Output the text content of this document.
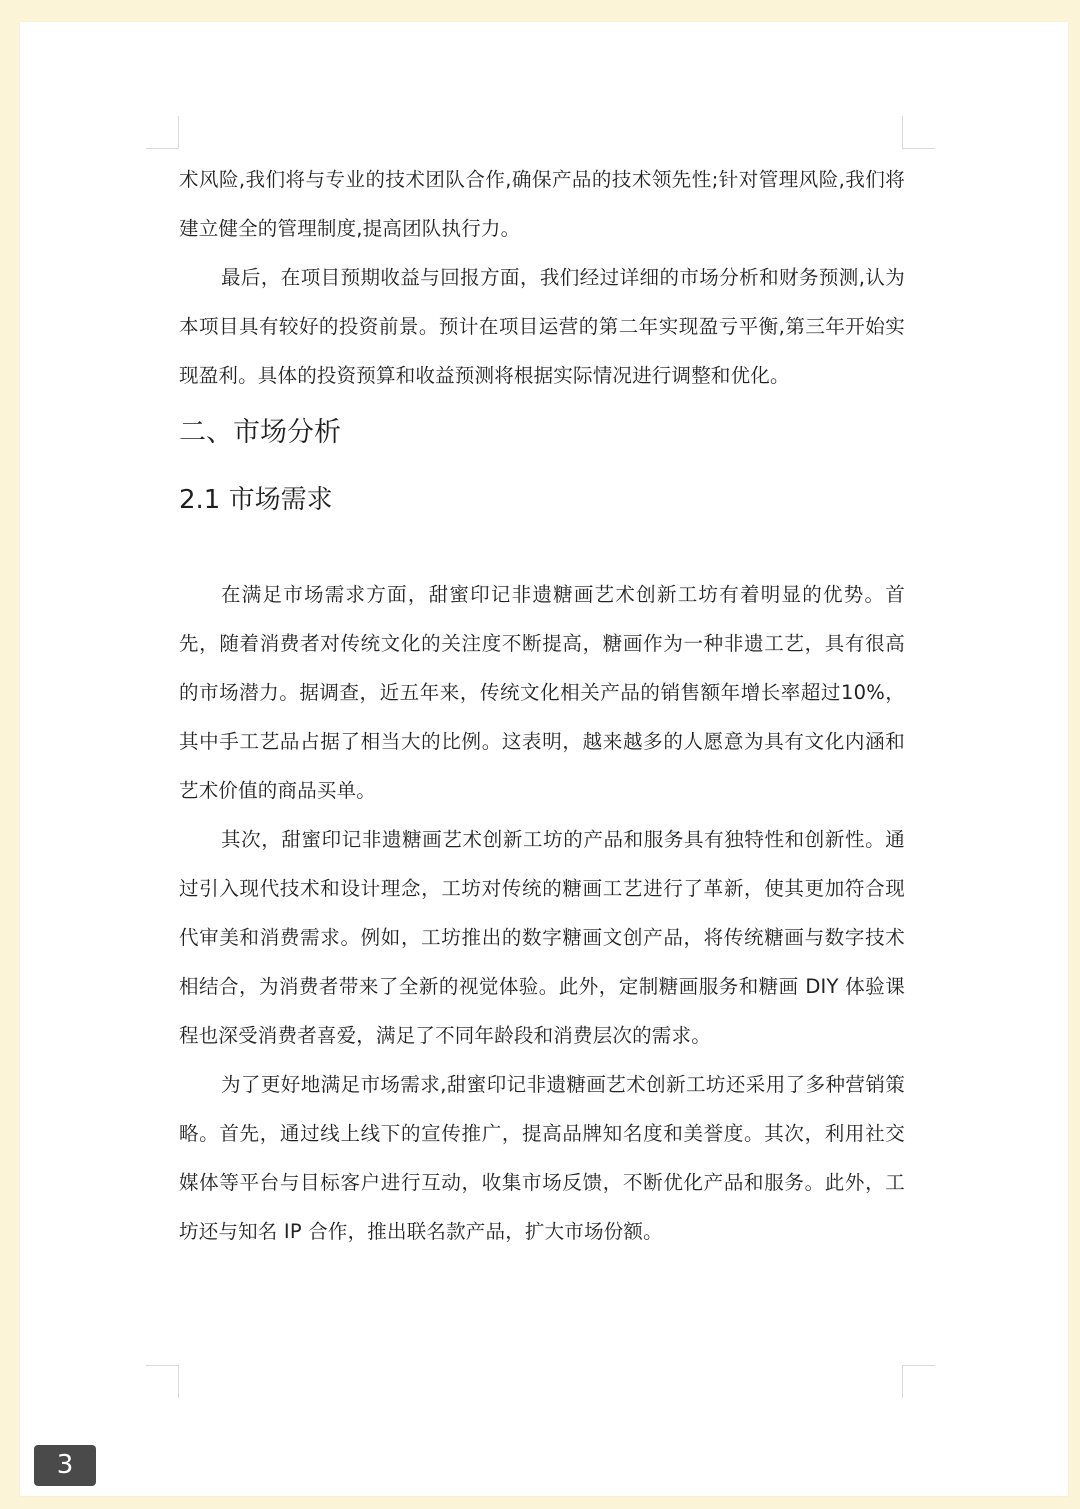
术风险,我们将与专业的技术团队合作,确保产品的技术领先性;针对管理风险,我们将建立健全的管理制度,提高团队执行力。

最后，在项目预期收益与回报方面，我们经过详细的市场分析和财务预测,认为本项目具有较好的投资前景。预计在项目运营的第二年实现盈亏平衡,第三年开始实现盈利。具体的投资预算和收益预测将根据实际情况进行调整和优化。

二、市场分析
2.1 市场需求

在满足市场需求方面，甜蜜印记非遗糖画艺术创新工坊有着明显的优势。首先，随着消费者对传统文化的关注度不断提高，糖画作为一种非遗工艺，具有很高的市场潜力。据调查，近五年来，传统文化相关产品的销售额年增长率超过10%，其中手工艺品占据了相当大的比例。这表明，越来越多的人愿意为具有文化内涵和艺术价值的商品买单。

其次，甜蜜印记非遗糖画艺术创新工坊的产品和服务具有独特性和创新性。通过引入现代技术和设计理念，工坊对传统的糖画工艺进行了革新，使其更加符合现代审美和消费需求。例如，工坊推出的数字糖画文创产品，将传统糖画与数字技术相结合，为消费者带来了全新的视觉体验。此外，定制糖画服务和糖画 DIY 体验课程也深受消费者喜爱，满足了不同年龄段和消费层次的需求。

为了更好地满足市场需求,甜蜜印记非遗糖画艺术创新工坊还采用了多种营销策略。首先，通过线上线下的宣传推广，提高品牌知名度和美誉度。其次，利用社交媒体等平台与目标客户进行互动，收集市场反馈，不断优化产品和服务。此外，工坊还与知名 IP 合作，推出联名款产品，扩大市场份额。

3
